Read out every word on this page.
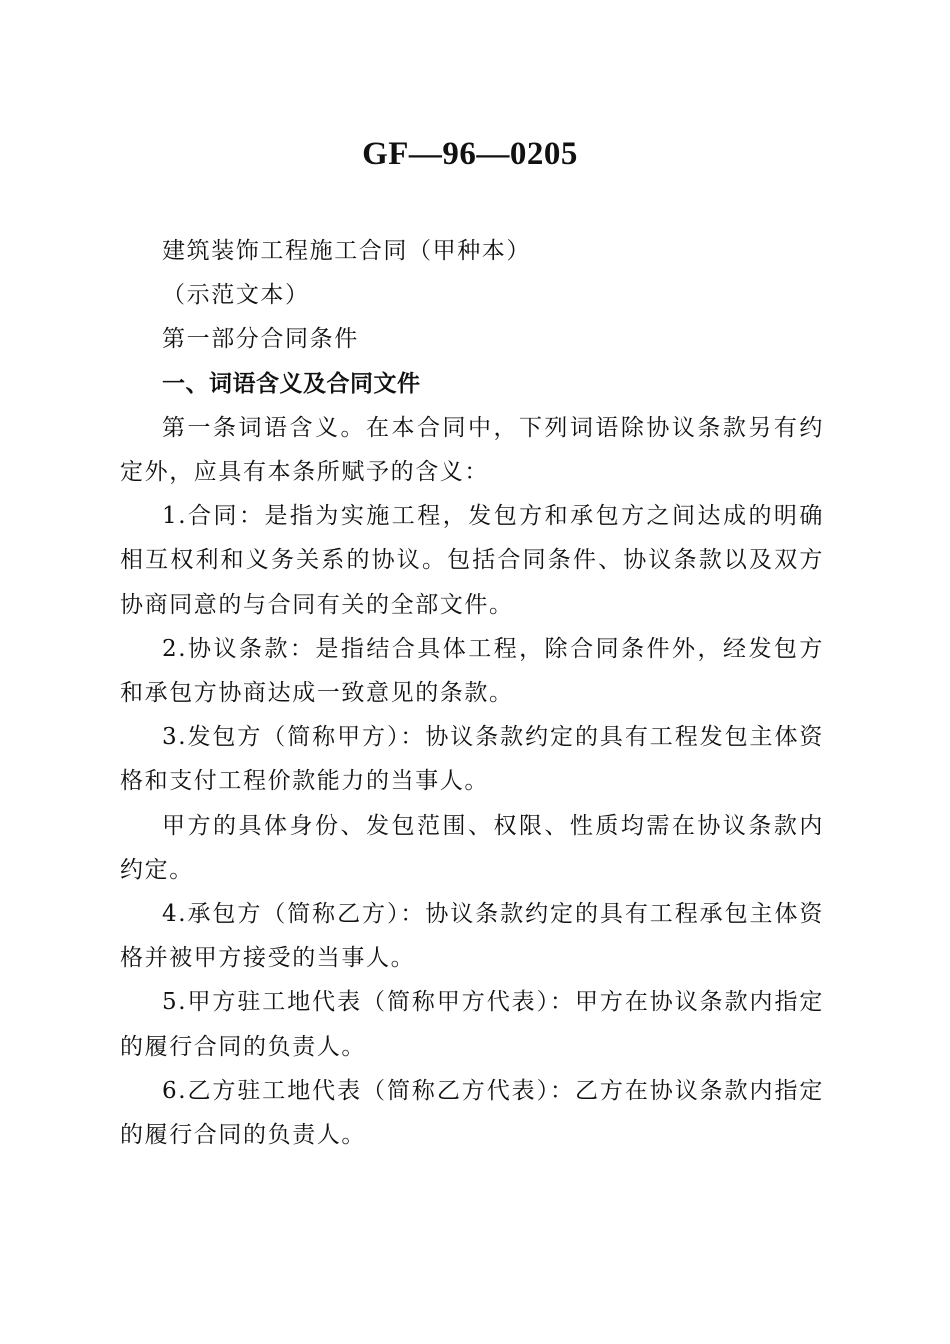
GF—96—0205

建筑装饰工程施工合同（甲种本）

（示范文本）

第一部分合同条件

一、词语含义及合同文件

第一条词语含义。在本合同中，下列词语除协议条款另有约定外，应具有本条所赋予的含义：

1.合同：是指为实施工程，发包方和承包方之间达成的明确相互权利和义务关系的协议。包括合同条件、协议条款以及双方协商同意的与合同有关的全部文件。

2.协议条款：是指结合具体工程，除合同条件外，经发包方和承包方协商达成一致意见的条款。

3.发包方（简称甲方）：协议条款约定的具有工程发包主体资格和支付工程价款能力的当事人。

甲方的具体身份、发包范围、权限、性质均需在协议条款内约定。

4.承包方（简称乙方）：协议条款约定的具有工程承包主体资格并被甲方接受的当事人。

5.甲方驻工地代表（简称甲方代表）：甲方在协议条款内指定的履行合同的负责人。

6.乙方驻工地代表（简称乙方代表）：乙方在协议条款内指定的履行合同的负责人。
